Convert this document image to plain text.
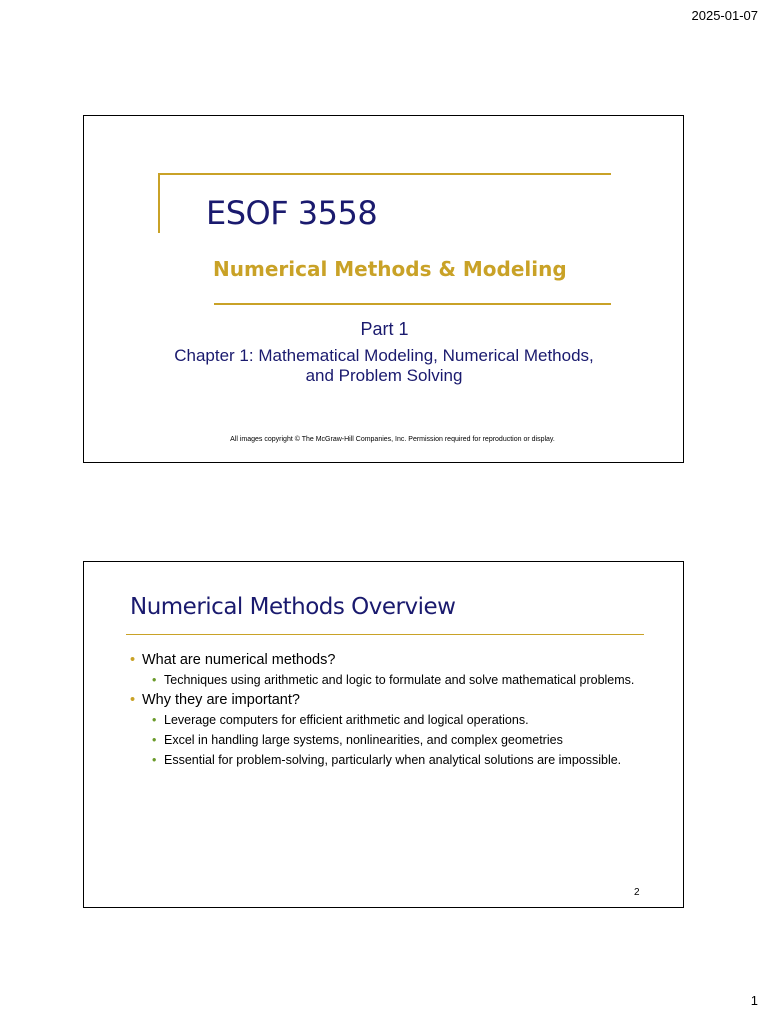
2025-01-07
ESOF 3558
Numerical Methods & Modeling
Part 1
Chapter 1: Mathematical Modeling, Numerical Methods, and Problem Solving
All images copyright © The McGraw-Hill Companies, Inc. Permission required for reproduction or display.
Numerical Methods Overview
• What are numerical methods?
• Techniques using arithmetic and logic to formulate and solve mathematical problems.
• Why they are important?
• Leverage computers for efficient arithmetic and logical operations.
• Excel in handling large systems, nonlinearities, and complex geometries
• Essential for problem-solving, particularly when analytical solutions are impossible.
2
1
